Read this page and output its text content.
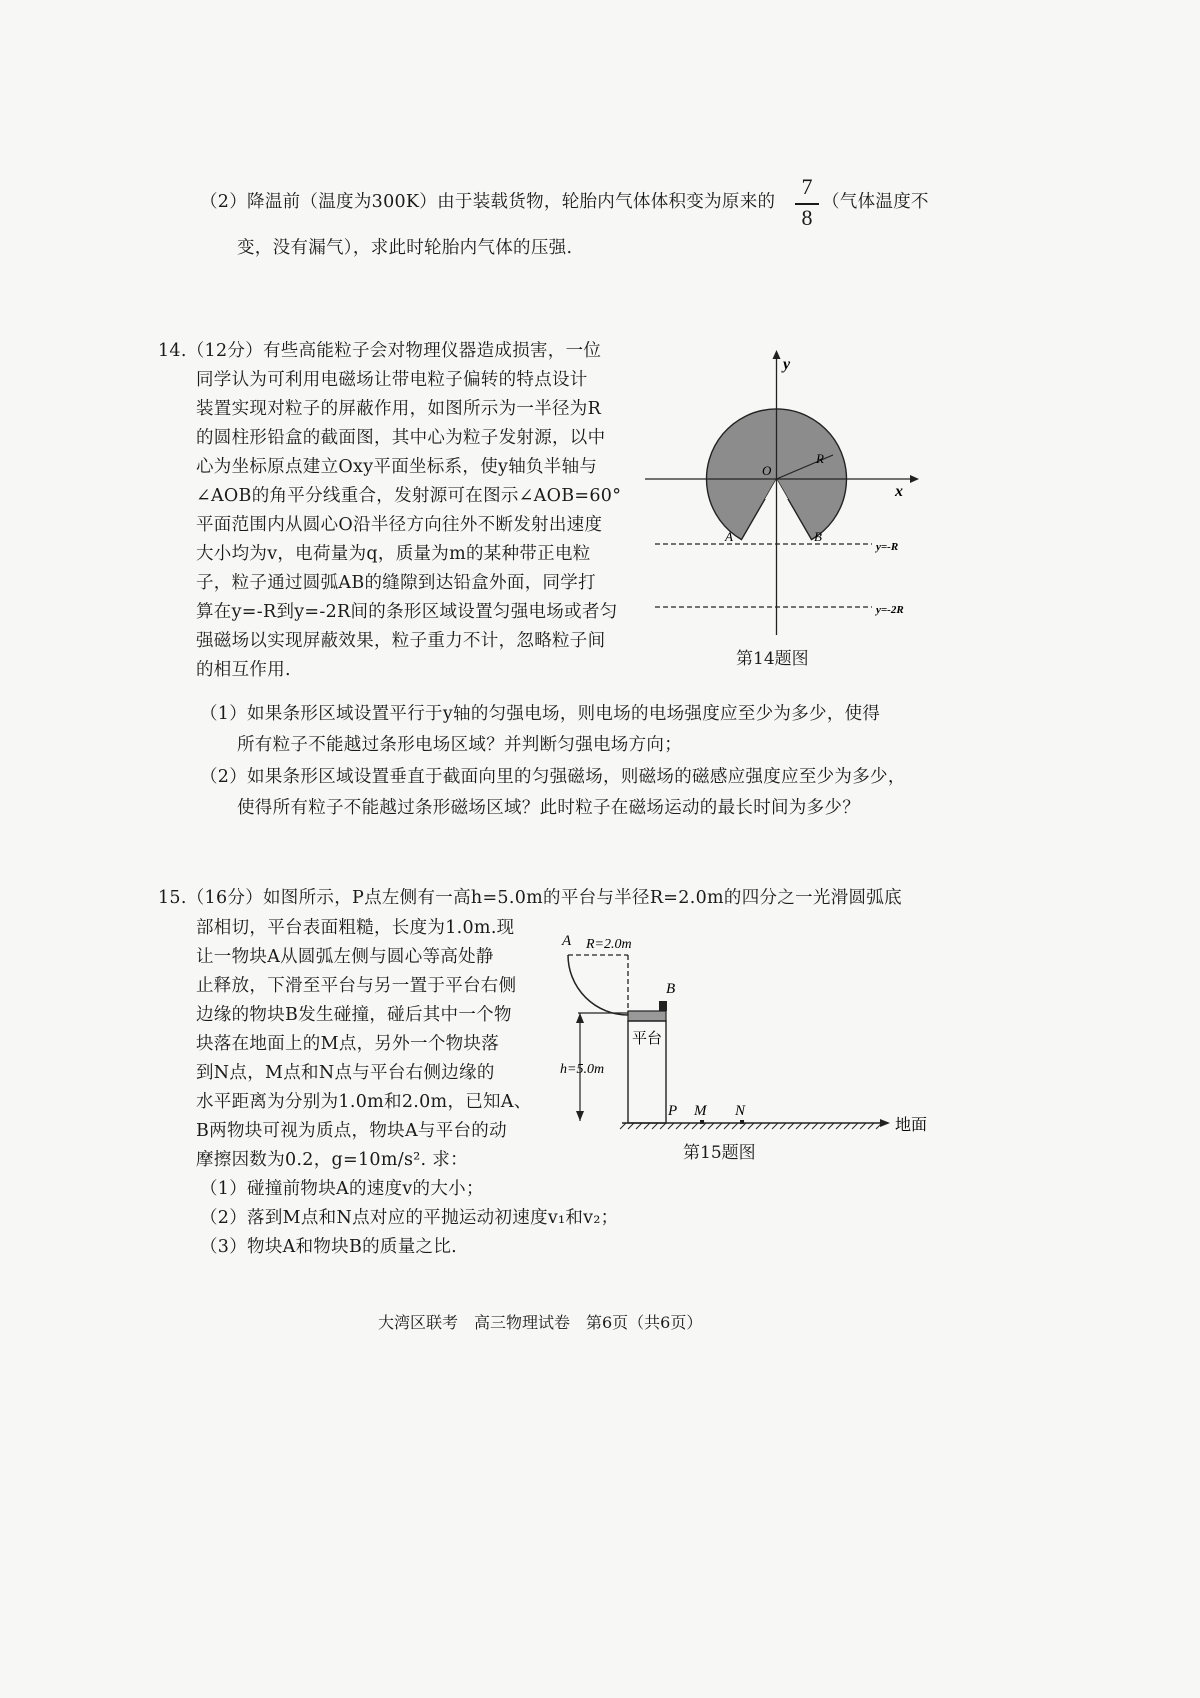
（2）降温前（温度为300K）由于装载货物，轮胎内气体体积变为原来的
7
8
（气体温度不
变，没有漏气），求此时轮胎内气体的压强.
14.（12分）有些高能粒子会对物理仪器造成损害，一位
同学认为可利用电磁场让带电粒子偏转的特点设计
装置实现对粒子的屏蔽作用，如图所示为一半径为R
的圆柱形铅盒的截面图，其中心为粒子发射源，以中
心为坐标原点建立Oxy平面坐标系，使y轴负半轴与
∠AOB的角平分线重合，发射源可在图示∠AOB=60°
平面范围内从圆心O沿半径方向往外不断发射出速度
大小均为v，电荷量为q，质量为m的某种带正电粒
子，粒子通过圆弧AB的缝隙到达铅盒外面，同学打
算在y=-R到y=-2R间的条形区域设置匀强电场或者匀
强磁场以实现屏蔽效果，粒子重力不计，忽略粒子间
的相互作用.
y
x
O
R
A	B
y=-R
y=-2R
第14题图
（1）如果条形区域设置平行于y轴的匀强电场，则电场的电场强度应至少为多少，使得
所有粒子不能越过条形电场区域？并判断匀强电场方向；
（2）如果条形区域设置垂直于截面向里的匀强磁场，则磁场的磁感应强度应至少为多少，
使得所有粒子不能越过条形磁场区域？此时粒子在磁场运动的最长时间为多少？
15.（16分）如图所示，P点左侧有一高h=5.0m的平台与半径R=2.0m的四分之一光滑圆弧底
部相切，平台表面粗糙，长度为1.0m.现
让一物块A从圆弧左侧与圆心等高处静
止释放，下滑至平台与另一置于平台右侧
边缘的物块B发生碰撞，碰后其中一个物
块落在地面上的M点，另外一个物块落
到N点，M点和N点与平台右侧边缘的
水平距离为分别为1.0m和2.0m，已知A、
B两物块可视为质点，物块A与平台的动
摩擦因数为0.2，g=10m/s². 求：
（1）碰撞前物块A的速度v的大小；
（2）落到M点和N点对应的平抛运动初速度v₁和v₂；
（3）物块A和物块B的质量之比.
A R=2.0m
B
平台
h=5.0m
P M N
地面
第15题图
大湾区联考　高三物理试卷　第6页（共6页）
